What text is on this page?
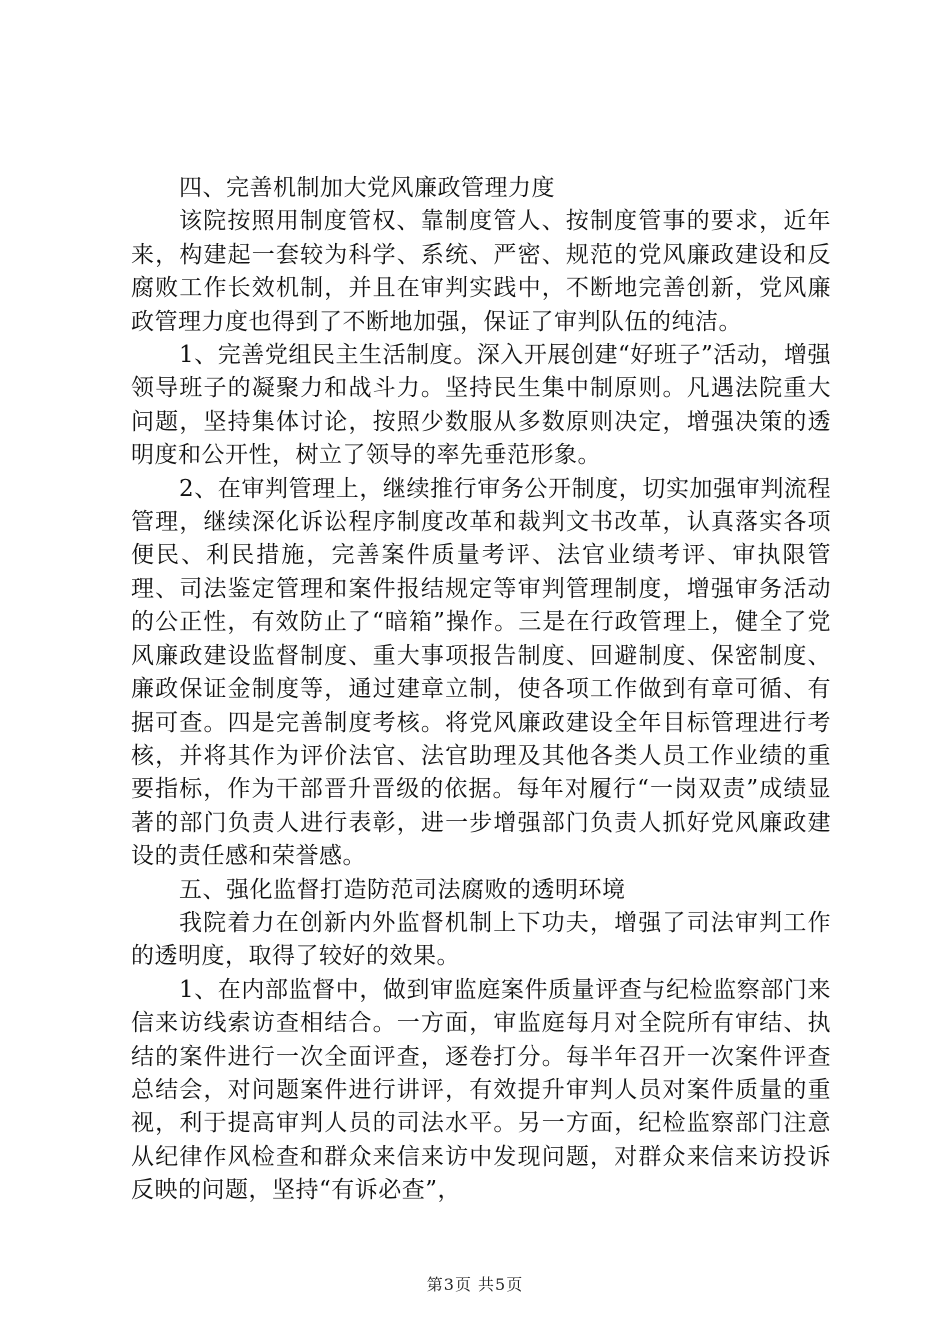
四、完善机制加大党风廉政管理力度

该院按照用制度管权、靠制度管人、按制度管事的要求，近年来，构建起一套较为科学、系统、严密、规范的党风廉政建设和反腐败工作长效机制，并且在审判实践中，不断地完善创新，党风廉政管理力度也得到了不断地加强，保证了审判队伍的纯洁。

1、完善党组民主生活制度。深入开展创建“好班子”活动，增强领导班子的凝聚力和战斗力。坚持民生集中制原则。凡遇法院重大问题，坚持集体讨论，按照少数服从多数原则决定，增强决策的透明度和公开性，树立了领导的率先垂范形象。

2、在审判管理上，继续推行审务公开制度，切实加强审判流程管理，继续深化诉讼程序制度改革和裁判文书改革，认真落实各项便民、利民措施，完善案件质量考评、法官业绩考评、审执限管理、司法鉴定管理和案件报结规定等审判管理制度，增强审务活动的公正性，有效防止了“暗箱”操作。三是在行政管理上，健全了党风廉政建设监督制度、重大事项报告制度、回避制度、保密制度、廉政保证金制度等，通过建章立制，使各项工作做到有章可循、有据可查。四是完善制度考核。将党风廉政建设全年目标管理进行考核，并将其作为评价法官、法官助理及其他各类人员工作业绩的重要指标，作为干部晋升晋级的依据。每年对履行“一岗双责”成绩显著的部门负责人进行表彰，进一步增强部门负责人抓好党风廉政建设的责任感和荣誉感。

五、强化监督打造防范司法腐败的透明环境

我院着力在创新内外监督机制上下功夫，增强了司法审判工作的透明度，取得了较好的效果。

1、在内部监督中，做到审监庭案件质量评查与纪检监察部门来信来访线索访查相结合。一方面，审监庭每月对全院所有审结、执结的案件进行一次全面评查，逐卷打分。每半年召开一次案件评查总结会，对问题案件进行讲评，有效提升审判人员对案件质量的重视，利于提高审判人员的司法水平。另一方面，纪检监察部门注意从纪律作风检查和群众来信来访中发现问题，对群众来信来访投诉反映的问题，坚持“有诉必查”，

第3页 共5页
